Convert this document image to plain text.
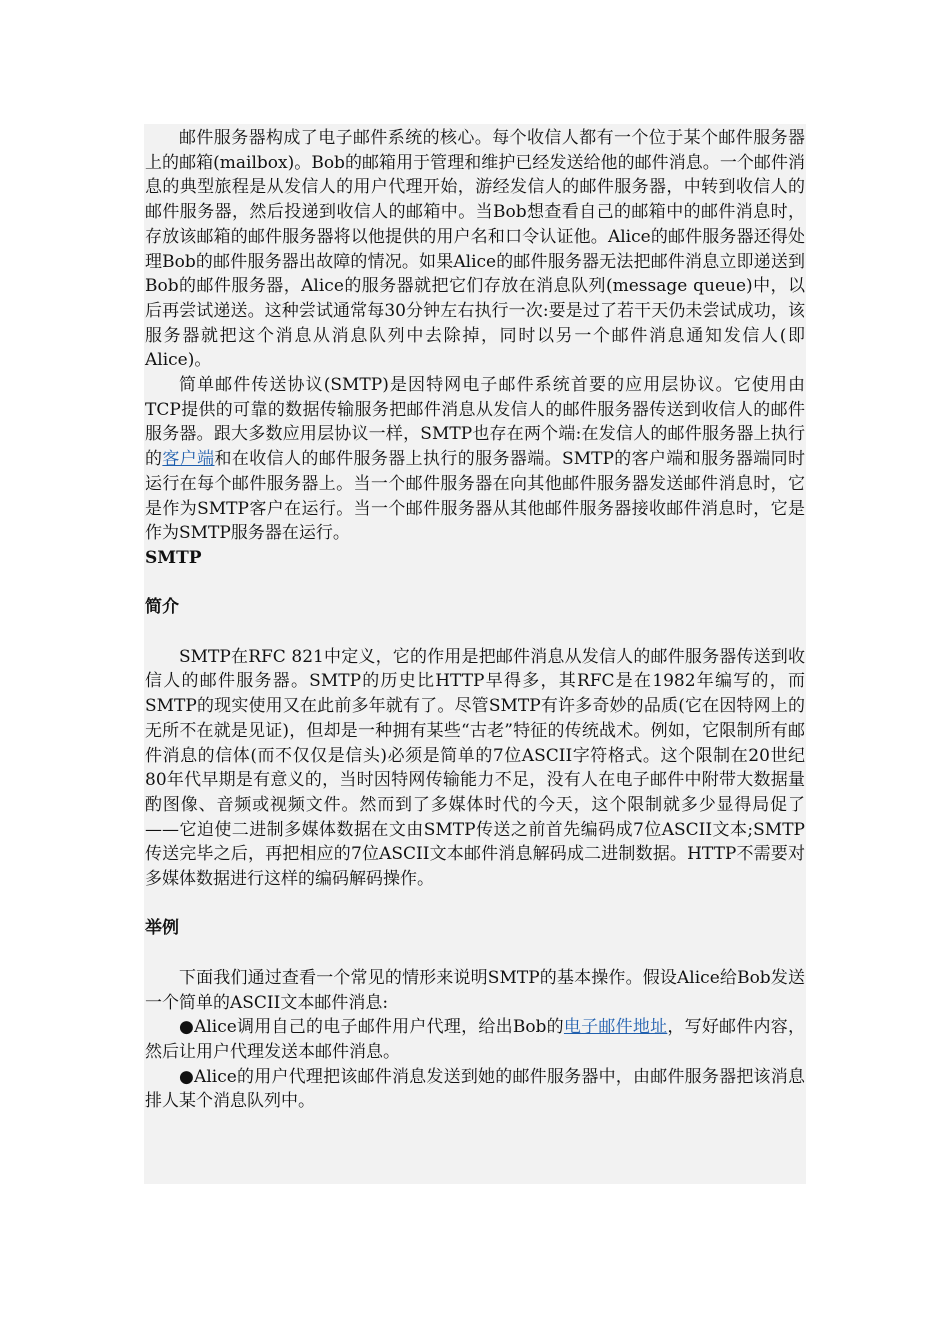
邮件服务器构成了电子邮件系统的核心。每个收信人都有一个位于某个邮件服务器上的邮箱(mailbox)。Bob的邮箱用于管理和维护已经发送给他的邮件消息。一个邮件消息的典型旅程是从发信人的用户代理开始，游经发信人的邮件服务器，中转到收信人的邮件服务器，然后投递到收信人的邮箱中。当Bob想查看自己的邮箱中的邮件消息时，存放该邮箱的邮件服务器将以他提供的用户名和口令认证他。Alice的邮件服务器还得处理Bob的邮件服务器出故障的情况。如果Alice的邮件服务器无法把邮件消息立即递送到Bob的邮件服务器，Alice的服务器就把它们存放在消息队列(message queue)中，以后再尝试递送。这种尝试通常每30分钟左右执行一次:要是过了若干天仍未尝试成功，该服务器就把这个消息从消息队列中去除掉，同时以另一个邮件消息通知发信人(即Alice)。

简单邮件传送协议(SMTP)是因特网电子邮件系统首要的应用层协议。它使用由TCP提供的可靠的数据传输服务把邮件消息从发信人的邮件服务器传送到收信人的邮件服务器。跟大多数应用层协议一样，SMTP也存在两个端:在发信人的邮件服务器上执行的客户端和在收信人的邮件服务器上执行的服务器端。SMTP的客户端和服务器端同时运行在每个邮件服务器上。当一个邮件服务器在向其他邮件服务器发送邮件消息时，它是作为SMTP客户在运行。当一个邮件服务器从其他邮件服务器接收邮件消息时，它是作为SMTP服务器在运行。

SMTP

简介

SMTP在RFC 821中定义，它的作用是把邮件消息从发信人的邮件服务器传送到收信人的邮件服务器。SMTP的历史比HTTP早得多，其RFC是在1982年编写的，而SMTP的现实使用又在此前多年就有了。尽管SMTP有许多奇妙的品质(它在因特网上的无所不在就是见证)，但却是一种拥有某些“古老”特征的传统战术。例如，它限制所有邮件消息的信体(而不仅仅是信头)必须是简单的7位ASCII字符格式。这个限制在20世纪80年代早期是有意义的，当时因特网传输能力不足，没有人在电子邮件中附带大数据量酌图像、音频或视频文件。然而到了多媒体时代的今天，这个限制就多少显得局促了——它迫使二进制多媒体数据在文由SMTP传送之前首先编码成7位ASCII文本;SMTP传送完毕之后，再把相应的7位ASCII文本邮件消息解码成二进制数据。HTTP不需要对多媒体数据进行这样的编码解码操作。

举例

下面我们通过查看一个常见的情形来说明SMTP的基本操作。假设Alice给Bob发送一个简单的ASCII文本邮件消息:

●Alice调用自己的电子邮件用户代理，给出Bob的电子邮件地址，写好邮件内容，然后让用户代理发送本邮件消息。

●Alice的用户代理把该邮件消息发送到她的邮件服务器中，由邮件服务器把该消息排人某个消息队列中。
